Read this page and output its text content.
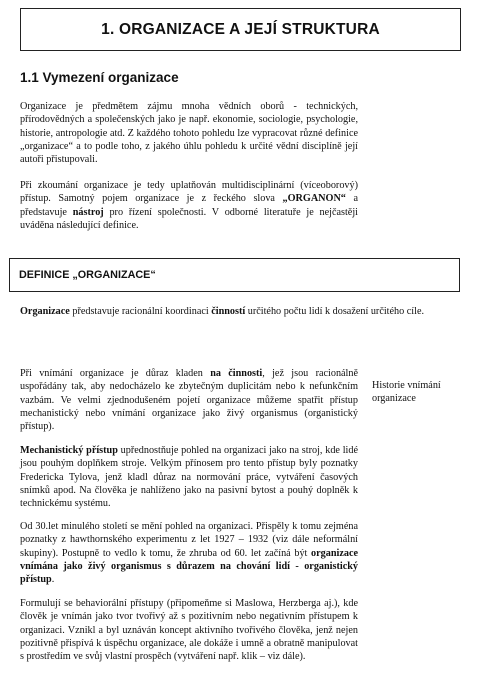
1. ORGANIZACE A JEJÍ STRUKTURA
1.1 Vymezení organizace

Organizace je předmětem zájmu mnoha vědních oborů - technických, přírodovědných a společenských jako je např. ekonomie, sociologie, psychologie, historie, antropologie atd. Z každého tohoto pohledu lze vypracovat různé definice „organizace“ a to podle toho, z jakého úhlu pohledu k určité vědní disciplíně její autoři přistupovali.

Při zkoumání organizace je tedy uplatňován multidisciplinární (víceoborový) přístup. Samotný pojem organizace je z řeckého slova „ORGANON“ a představuje nástroj pro řízení společnosti. V odborné literatuře je nejčastěji uváděna následující definice.

DEFINICE „ORGANIZACE“

Organizace představuje racionální koordinaci činností určitého počtu lidí k dosažení určitého cíle.

Historie vnímání organizace

Při vnímání organizace je důraz kladen na činnosti, jež jsou racionálně uspořádány tak, aby nedocházelo ke zbytečným duplicitám nebo k nefunkčním vazbám. Ve velmi zjednodušeném pojetí organizace můžeme spatřit přístup mechanistický nebo vnímání organizace jako živý organismus (organistický přístup).

Mechanistický přístup upřednostňuje pohled na organizaci jako na stroj, kde lidé jsou pouhým doplňkem stroje. Velkým přínosem pro tento přístup byly poznatky Fredericka Tylova, jenž kladl důraz na normování práce, vytváření časových snímků apod. Na člověka je nahlíženo jako na pasivní bytost a pouhý doplněk k technickému systému.

Od 30.let minulého století se mění pohled na organizaci. Přispěly k tomu zejména poznatky z hawthornského experimentu z let 1927 – 1932 (viz dále neformální skupiny). Postupně to vedlo k tomu, že zhruba od 60. let začíná být organizace vnímána jako živý organismus s důrazem na chování lidí - organistický přístup.

Formulují se behaviorální přístupy (připomeňme si Maslowa, Herzberga aj.), kde člověk je vnímán jako tvor tvořivý až s pozitivním nebo negativním přístupem k organizaci. Vznikl a byl uznáván koncept aktivního tvořivého člověka, jenž nejen pozitivně přispívá k úspěchu organizace, ale dokáže i umně a obratně manipulovat s prostředím ve svůj vlastní prospěch (vytváření např. klik – viz dále).
